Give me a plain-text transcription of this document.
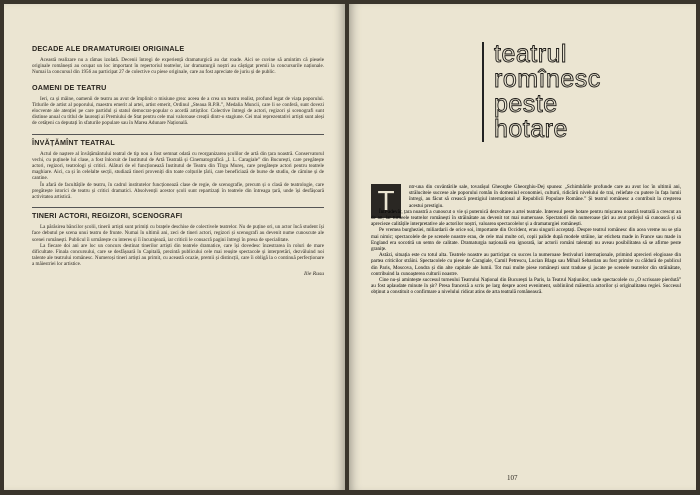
DECADE ALE DRAMATURGIEI ORIGINALE

Această realizare nu a rămas izolată. Decenii întregi de experiență dramaturgică au dat roade. Aici se cuvine să amintim că piesele originale românești au ocupat un loc important în repertoriul teatrelor, iar dramaturgii noștri au câștigat premii la concursurile naționale. Numai la concursul din 1956 au participat 27 de colective cu piese originale, care au fost apreciate de juriu și de public.

OAMENI DE TEATRU

Ieri, ca și mâine, oamenii de teatru au avut de împlinit o misiune grea: aceea de a crea un teatru realist, profund legat de viața poporului. Titlurile de artist al poporului, maestru emerit al artei, artist emerit, Ordinul „Steaua R.P.R.”, Medalia Muncii, care li se conferă, sunt dovezi elocvente ale atenției pe care partidul și statul democrat-popular o acordă artiștilor. Colective întregi de actori, regizori și scenografi sunt distinse anual cu titlul de laureați ai Premiului de Stat pentru cele mai valoroase creații dintr-o stagiune. Cei mai reprezentativi artiști sunt aleși de cetățeni ca deputați în sfaturile populare sau în Marea Adunare Națională.

ÎNVĂȚĂMÎNT TEATRAL

Actul de naștere al învățământului teatral de tip nou a fost semnat odată cu reorganizarea școlilor de artă din țara noastră. Conservatorul vechi, cu puținele lui clase, a fost înlocuit de Institutul de Artă Teatrală și Cinematografică „I. L. Caragiale” din București, care pregătește actori, regizori, teatrologi și critici. Alături de el funcționează Institutul de Teatru din Tîrgu Mureș, care pregătește actori pentru teatrele maghiare. Aici, ca și în celelalte secții, studiază tineri proveniți din toate colțurile țării, care beneficiază de burse de studiu, de cămine și de cantine.

În afară de facultățile de teatru, în cadrul institutelor funcționează clase de regie, de scenografie, precum și o clasă de teatrologie, care pregătește istorici de teatru și critici dramatici. Absolvenții acestor școli sunt repartizați în teatrele din întreaga țară, unde își desfășoară activitatea artistică.

TINERI ACTORI, REGIZORI, SCENOGRAFI

La părăsirea băncilor școlii, tinerii artiști sunt primiți cu brațele deschise de colectivele teatrelor. Nu de puține ori, un actor încă student își face debutul pe scena unui teatru de frunte. Numai în ultimii ani, zeci de tineri actori, regizori și scenografi au devenit nume cunoscute ale scenei românești. Publicul îi urmărește cu interes și îi încurajează, iar criticii le consacră pagini întregi în presa de specialitate.

La fiecare doi ani are loc un concurs destinat tinerilor artiști din teatrele dramatice, care își dovedesc înzestrarea în roluri de mare dificultate. Finala concursului, care se desfășoară în Capitală, prezintă publicului cele mai reușite spectacole și interpretări, dezvăluind noi talente ale teatrului românesc. Numeroși tineri artiști au primit, cu această ocazie, premii și distincții, care îi obligă la o continuă perfecționare a măiestriei lor artistice.

Ilie Rusu
teatrul
romînesc
peste
hotare
T	ntr-una din cuvântările sale, tovarășul Gheorghe Gheorghiu-Dej spunea: „Schimbările profunde care au avut loc în ultimii ani, străluciteie succese ale poporului român în domeniul economiei, culturii, ridicării nivelului de trai, reliefate cu putere în fața lumii întregi, au făcut să crească prestigiul internațional al Republicii Populare Române.” Și teatrul românesc a contribuit la creșterea acestui prestigiu.

Într-adevăr, țara noastră a cunoscut o vie și puternică dezvoltare a artei teatrale. Interesul peste hotare pentru mișcarea noastră teatrală a crescut an de an, iar turneele teatrelor românești în străinătate au devenit tot mai numeroase. Spectatorii din numeroase țări au avut prilejul să cunoască și să aprecieze calitățile interpretative ale actorilor noștri, valoarea spectacolelor și a dramaturgiei românești.

Pe vremea burgheziei, miliardarii de orice soi, importante din Occident, erau singurii acceptați. Despre teatrul românesc din acea vreme nu se știa mai nimic; spectacolele de pe scenele noastre erau, de cele mai multe ori, copii palide după modele străine, iar eticheta made in France sau made in England era socotită un semn de calitate. Dramaturgia națională era ignorată, iar actorii români talentați nu aveau posibilitatea să se afirme peste granițe.

Astăzi, situația este cu totul alta. Teatrele noastre au participat cu succes la numeroase festivaluri internaționale, primind aprecieri elogioase din partea criticilor străini. Spectacolele cu piese de Caragiale, Camil Petrescu, Lucian Blaga sau Mihail Sebastian au fost primite cu căldură de publicul din Paris, Moscova, Londra și din alte capitale ale lumii. Tot mai multe piese românești sunt traduse și jucate pe scenele teatrelor din străinătate, contribuind la cunoașterea culturii noastre.

Cine nu-și amintește succesul turneului Teatrului Național din București la Paris, la Teatrul Națiunilor, unde spectacolele cu „O scrisoare pierdută” au fost aplaudate minute în șir? Presa franceză a scris pe larg despre acest eveniment, subliniind măiestria actorilor și originalitatea regiei. Succesul obținut a constituit o confirmare a nivelului ridicat atins de arta teatrală românească.

107
